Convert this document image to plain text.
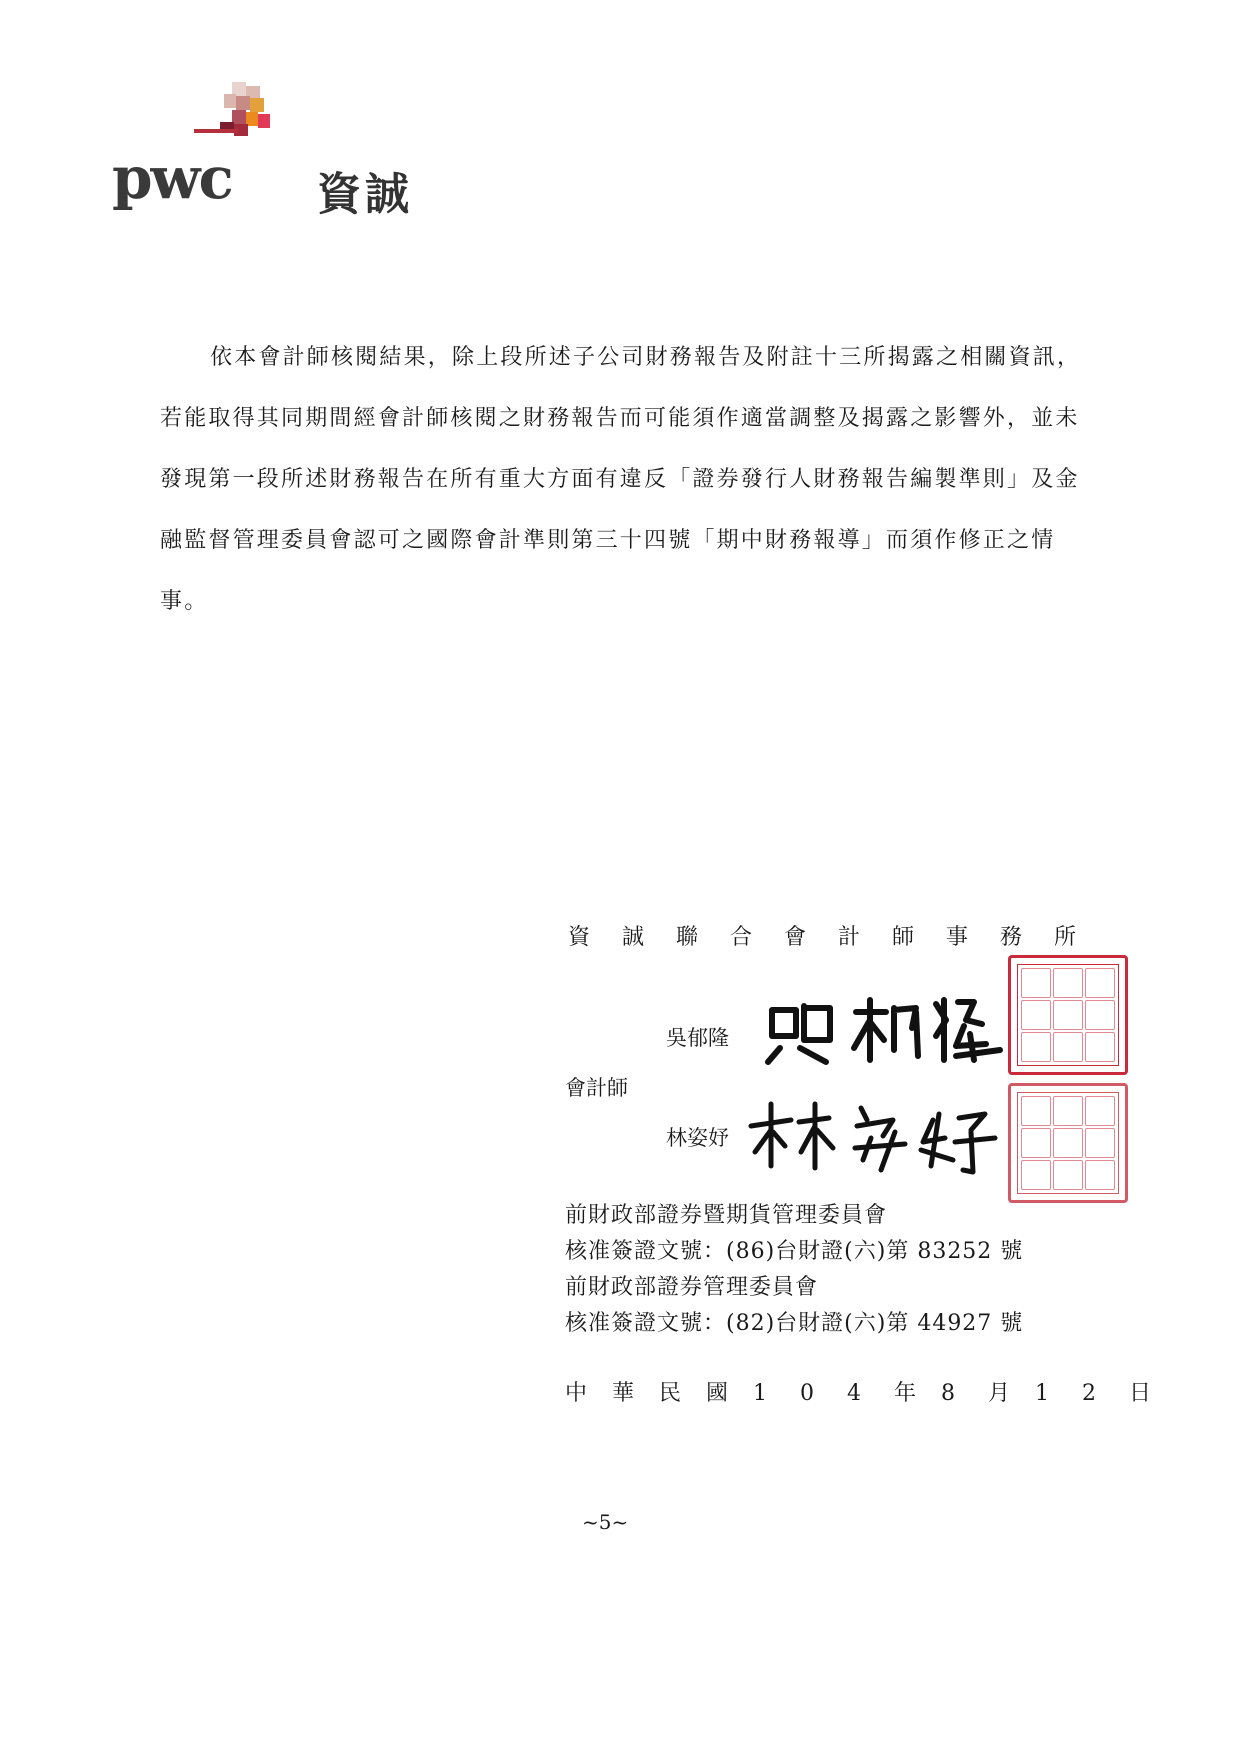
pwc 資誠
依本會計師核閱結果，除上段所述子公司財務報告及附註十三所揭露之相關資訊，
若能取得其同期間經會計師核閱之財務報告而可能須作適當調整及揭露之影響外，並未
發現第一段所述財務報告在所有重大方面有違反「證券發行人財務報告編製準則」及金
融監督管理委員會認可之國際會計準則第三十四號「期中財務報導」而須作修正之情
事。
資 誠 聯 合 會 計 師 事 務 所
吳郁隆
會計師
林姿妤
前財政部證券暨期貨管理委員會
核准簽證文號：(86)台財證(六)第 83252 號
前財政部證券管理委員會
核准簽證文號：(82)台財證(六)第 44927 號
中 華 民 國 1 0 4 年 8 月 1 2 日
~5~
